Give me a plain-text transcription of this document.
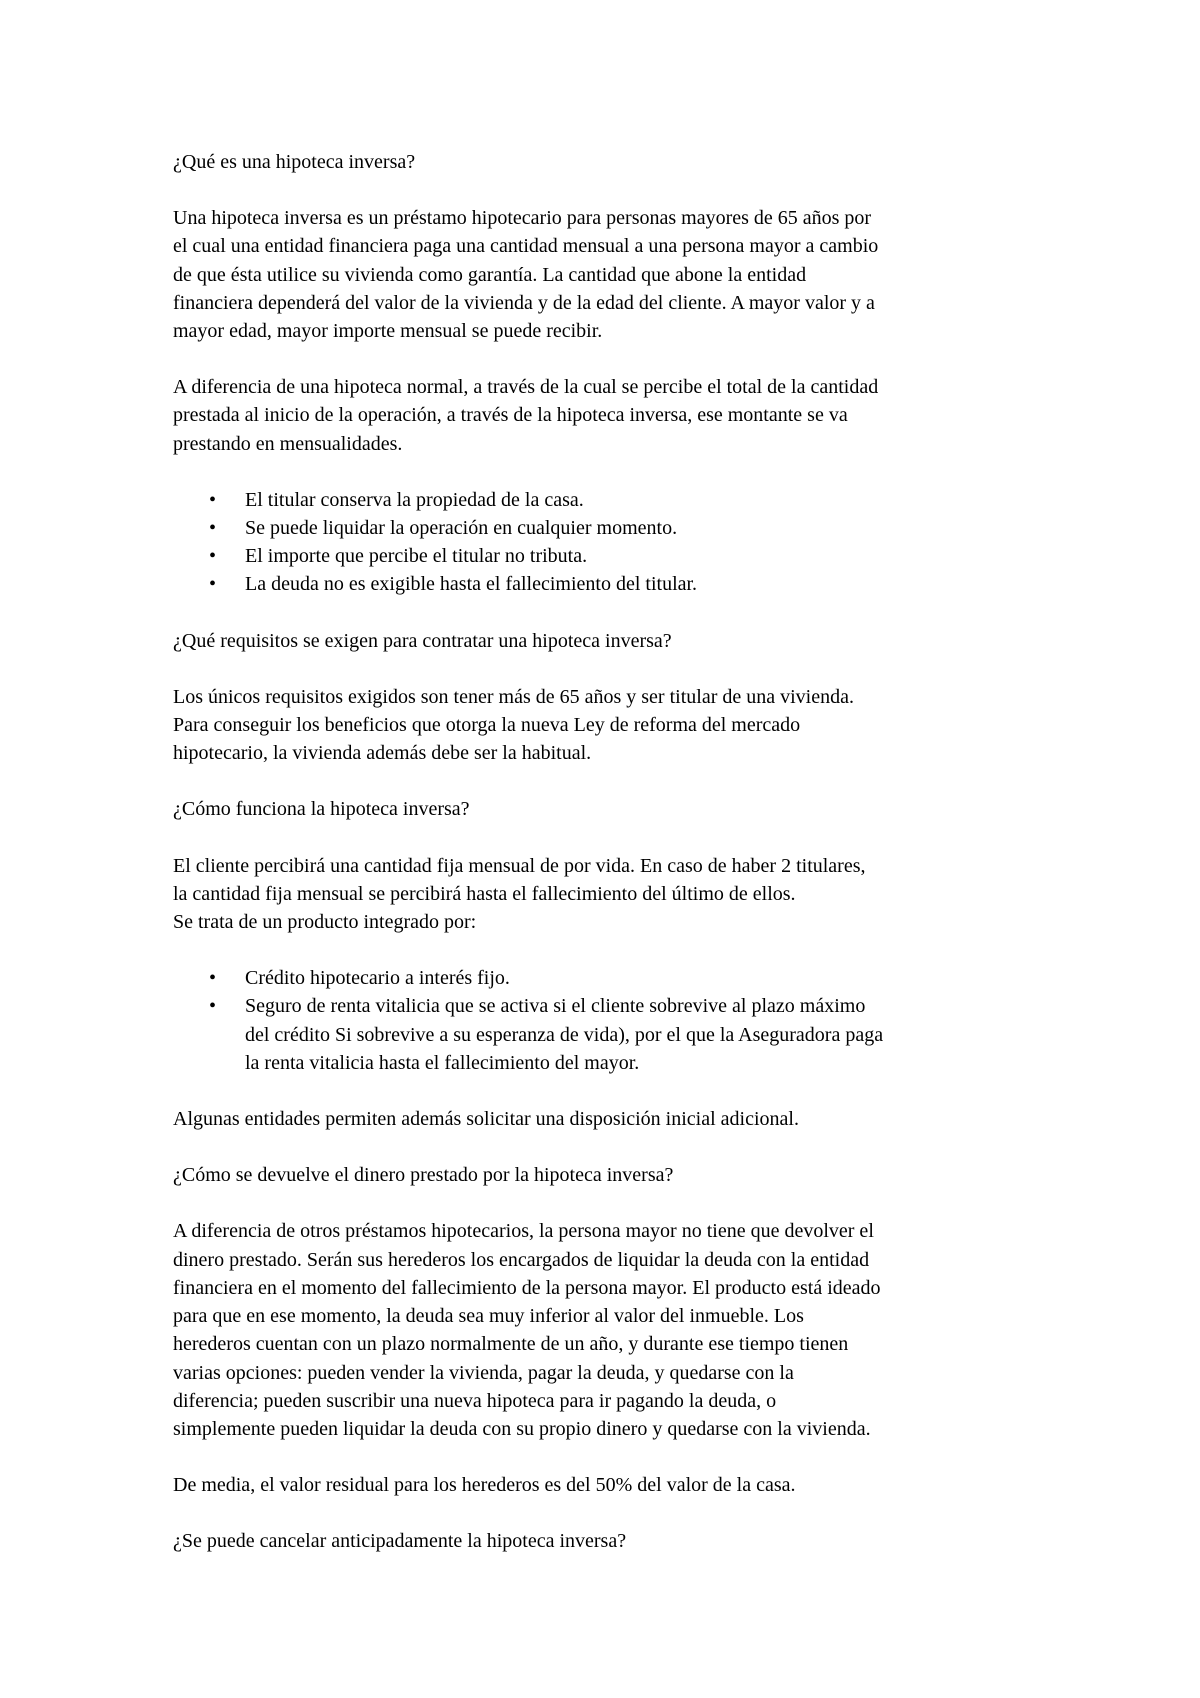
¿Qué es una hipoteca inversa?
Una hipoteca inversa es un préstamo hipotecario para personas mayores de 65 años por
el cual una entidad financiera paga una cantidad mensual a una persona mayor a cambio
de que ésta utilice su vivienda como garantía. La cantidad que abone la entidad
financiera dependerá del valor de la vivienda y de la edad del cliente. A mayor valor y a
mayor edad, mayor importe mensual se puede recibir.
A diferencia de una hipoteca normal, a través de la cual se percibe el total de la cantidad
prestada al inicio de la operación, a través de la hipoteca inversa, ese montante se va
prestando en mensualidades.
• El titular conserva la propiedad de la casa.
• Se puede liquidar la operación en cualquier momento.
• El importe que percibe el titular no tributa.
• La deuda no es exigible hasta el fallecimiento del titular.
¿Qué requisitos se exigen para contratar una hipoteca inversa?
Los únicos requisitos exigidos son tener más de 65 años y ser titular de una vivienda.
Para conseguir los beneficios que otorga la nueva Ley de reforma del mercado
hipotecario, la vivienda además debe ser la habitual.
¿Cómo funciona la hipoteca inversa?
El cliente percibirá una cantidad fija mensual de por vida. En caso de haber 2 titulares,
la cantidad fija mensual se percibirá hasta el fallecimiento del último de ellos.
Se trata de un producto integrado por:
• Crédito hipotecario a interés fijo.
• Seguro de renta vitalicia que se activa si el cliente sobrevive al plazo máximo
del crédito Si sobrevive a su esperanza de vida), por el que la Aseguradora paga
la renta vitalicia hasta el fallecimiento del mayor.
Algunas entidades permiten además solicitar una disposición inicial adicional.
¿Cómo se devuelve el dinero prestado por la hipoteca inversa?
A diferencia de otros préstamos hipotecarios, la persona mayor no tiene que devolver el
dinero prestado. Serán sus herederos los encargados de liquidar la deuda con la entidad
financiera en el momento del fallecimiento de la persona mayor. El producto está ideado
para que en ese momento, la deuda sea muy inferior al valor del inmueble. Los
herederos cuentan con un plazo normalmente de un año, y durante ese tiempo tienen
varias opciones: pueden vender la vivienda, pagar la deuda, y quedarse con la
diferencia; pueden suscribir una nueva hipoteca para ir pagando la deuda, o
simplemente pueden liquidar la deuda con su propio dinero y quedarse con la vivienda.
De media, el valor residual para los herederos es del 50% del valor de la casa.
¿Se puede cancelar anticipadamente la hipoteca inversa?
